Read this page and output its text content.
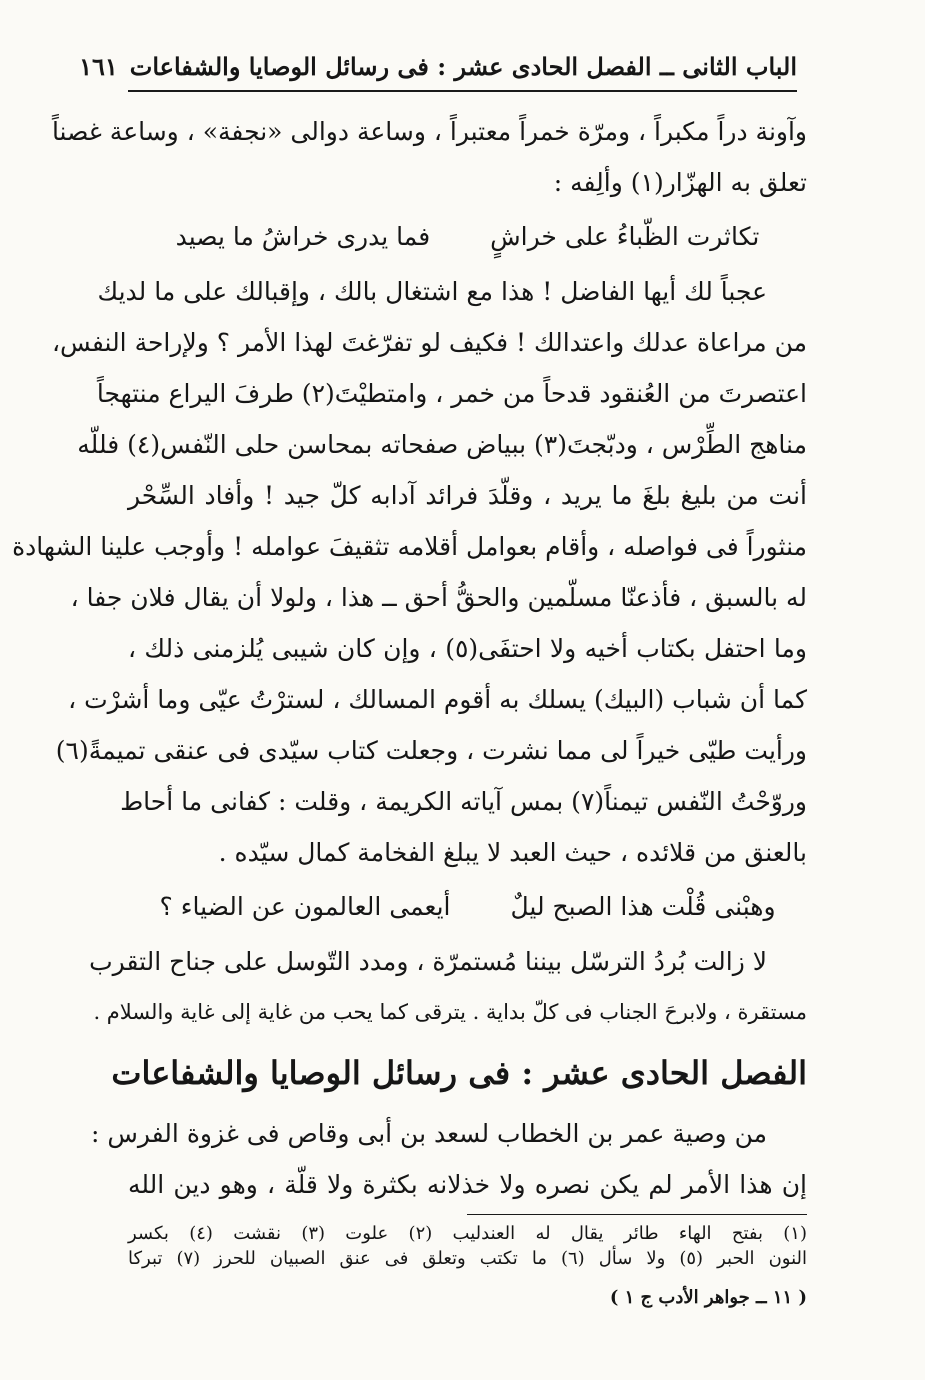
الباب الثانى ــ الفصل الحادى عشر : فى رسائل الوصايا والشفاعات
١٦١
وآونة دراً مكبراً ، ومرّة خمراً معتبراً ، وساعة دوالى «نجفة» ، وساعة غصناً
تعلق به الهزّار(١) وألِفه :
تكاثرت الظّباءُ على خراشٍ
فما يدرى خراشُ ما يصيد
عجباً لك أيها الفاضل ! هذا مع اشتغال بالك ، وإقبالك على ما لديك
من مراعاة عدلك واعتدالك ! فكيف لو تفرّغتَ لهذا الأمر ؟ ولإراحة النفس،
اعتصرتَ من العُنقود قدحاً من خمر ، وامتطيْتَ(٢) طرفَ اليراع منتهجاً
مناهج الطِّرْس ، ودبّجتَ(٣) ببياض صفحاته بمحاسن حلى النّفس(٤) فللّه
أنت من بليغ بلغَ ما يريد ، وقلّدَ فرائد آدابه كلّ جيد ! وأفاد السِّحْر
منثوراً فى فواصله ، وأقام بعوامل أقلامه تثقيفَ عوامله ! وأوجب علينا الشهادة
له بالسبق ، فأذعنّا مسلّمين والحقُّ أحق ــ هذا ، ولولا أن يقال فلان جفا ،
وما احتفل بكتاب أخيه ولا احتفَى(٥) ، وإن كان شيبى يُلزمنى ذلك ،
كما أن شباب (البيك) يسلك به أقوم المسالك ، لسترْتُ عيّى وما أشرْت ،
ورأيت طيّى خيراً لى مما نشرت ، وجعلت كتاب سيّدى فى عنقى تميمةً(٦)
وروّحْتُ النّفس تيمناً(٧) بمس آياته الكريمة ، وقلت : كفانى ما أحاط
بالعنق من قلائده ، حيث العبد لا يبلغ الفخامة كمال سيّده .
وهبْنى قُلْت هذا الصبح ليلٌ
أيعمى العالمون عن الضياء ؟
لا زالت بُردُ الترسّل بيننا مُستمرّة ، ومدد التّوسل على جناح التقرب
مستقرة ، ولابرحَ الجناب فى كلّ بداية . يترقى كما يحب من غاية إلى غاية والسلام .
الفصل الحادى عشر : فى رسائل الوصايا والشفاعات
من وصية عمر بن الخطاب لسعد بن أبى وقاص فى غزوة الفرس :
إن هذا الأمر لم يكن نصره ولا خذلانه بكثرة ولا قلّة ، وهو دين الله
(١) بفتح الهاء طائر يقال له العندليب (٢) علوت (٣) نقشت (٤) بكسر
النون الحبر (٥) ولا سأل (٦) ما تكتب وتعلق فى عنق الصبيان للحرز (٧) تبركا
( ١١ ــ جواهر الأدب ج ١ )
